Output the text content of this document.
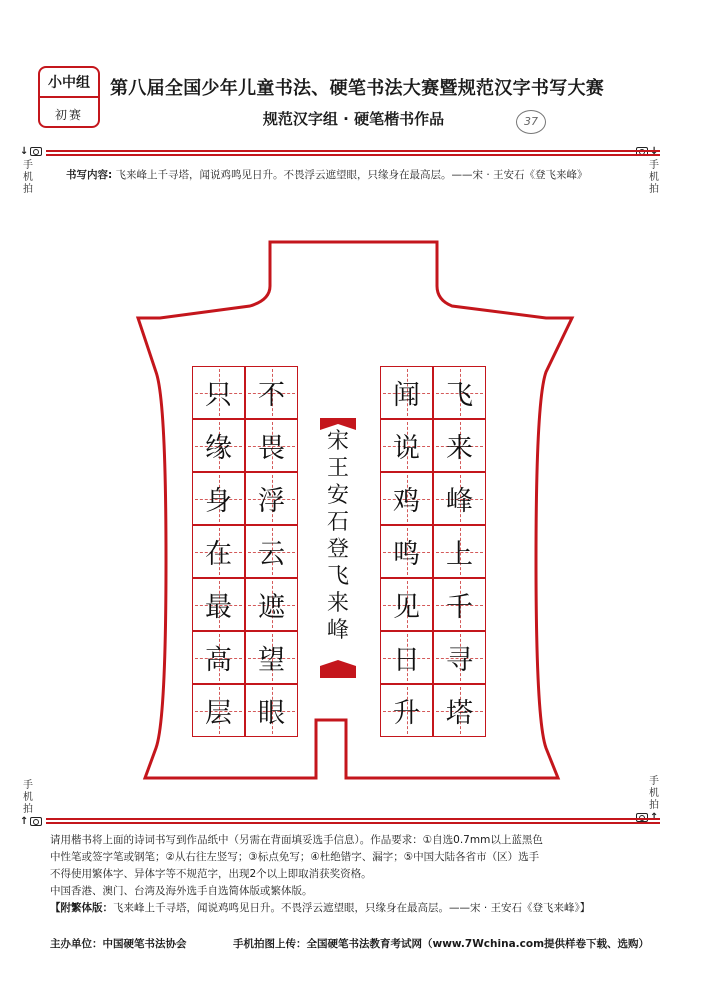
小中组
初赛
第八届全国少年儿童书法、硬笔书法大赛暨规范汉字书写大赛
规范汉字组 · 硬笔楷书作品	37
↓
手机拍
↓
手机拍
书写内容: 飞来峰上千寻塔，闻说鸡鸣见日升。不畏浮云遮望眼，只缘身在最高层。——宋 · 王安石《登飞来峰》
飞
来
峰
上
千
寻
塔
闻
说
鸡
鸣
见
日
升
不
畏
浮
云
遮
望
眼
只
缘
身
在
最
高
层
宋王安石登飞来峰
手机拍
↑
手机拍
↑
请用楷书将上面的诗词书写到作品纸中（另需在背面填妥选手信息）。作品要求：①自选0.7mm以上蓝黑色
中性笔或签字笔或钢笔；②从右往左竖写；③标点免写；④杜绝错字、漏字；⑤中国大陆各省市（区）选手
不得使用繁体字、异体字等不规范字，出现2个以上即取消获奖资格。
中国香港、澳门、台湾及海外选手自选简体版或繁体版。
【附繁体版：飞来峰上千寻塔，闻说鸡鸣见日升。不畏浮云遮望眼，只缘身在最高层。——宋 · 王安石《登飞来峰》】
主办单位：中国硬笔书法协会	手机拍图上传：全国硬笔书法教育考试网（www.7Wchina.com提供样卷下载、选购）
